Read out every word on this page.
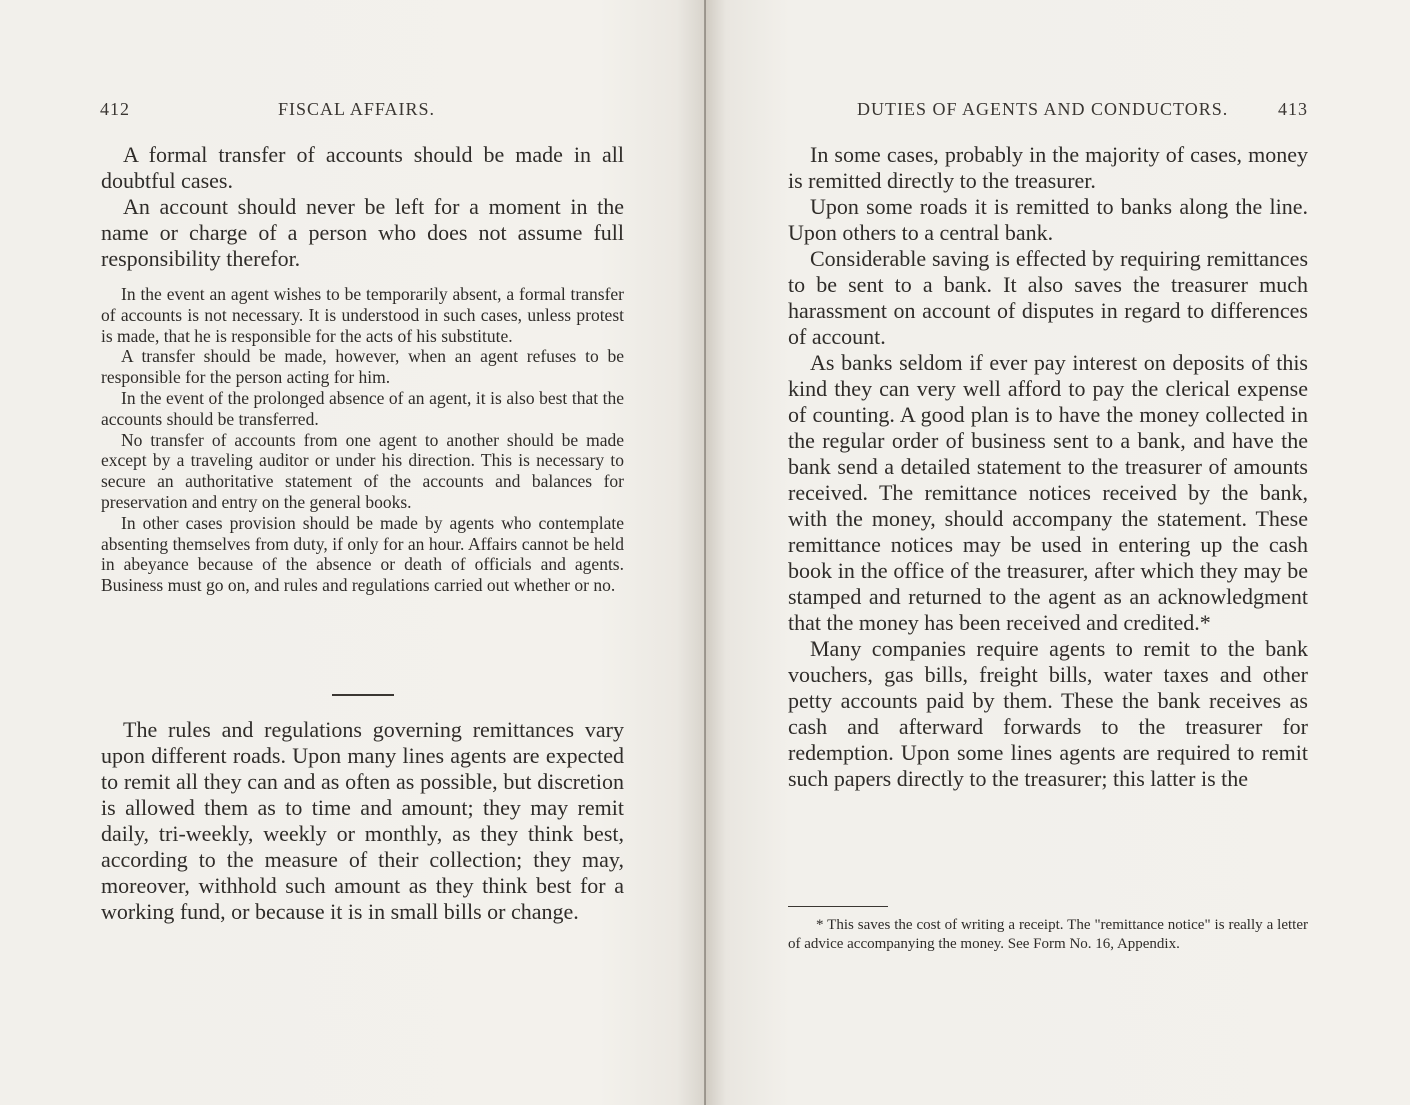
412	FISCAL AFFAIRS.

A formal transfer of accounts should be made in all doubtful cases.

An account should never be left for a moment in the name or charge of a person who does not assume full responsibility therefor.

In the event an agent wishes to be temporarily absent, a formal transfer of accounts is not necessary. It is understood in such cases, unless protest is made, that he is responsible for the acts of his substitute.

A transfer should be made, however, when an agent refuses to be responsible for the person acting for him.

In the event of the prolonged absence of an agent, it is also best that the accounts should be transferred.

No transfer of accounts from one agent to another should be made except by a traveling auditor or under his direction. This is necessary to secure an authoritative statement of the accounts and balances for preservation and entry on the general books.

In other cases provision should be made by agents who contemplate absenting themselves from duty, if only for an hour. Affairs cannot be held in abeyance because of the absence or death of officials and agents. Business must go on, and rules and regulations carried out whether or no.

The rules and regulations governing remittances vary upon different roads. Upon many lines agents are expected to remit all they can and as often as possible, but discretion is allowed them as to time and amount; they may remit daily, tri-weekly, weekly or monthly, as they think best, according to the measure of their collection; they may, moreover, withhold such amount as they think best for a working fund, or because it is in small bills or change.

DUTIES OF AGENTS AND CONDUCTORS.	413

In some cases, probably in the majority of cases, money is remitted directly to the treasurer.

Upon some roads it is remitted to banks along the line. Upon others to a central bank.

Considerable saving is effected by requiring remittances to be sent to a bank. It also saves the treasurer much harassment on account of disputes in regard to differences of account.

As banks seldom if ever pay interest on deposits of this kind they can very well afford to pay the clerical expense of counting. A good plan is to have the money collected in the regular order of business sent to a bank, and have the bank send a detailed statement to the treasurer of amounts received. The remittance notices received by the bank, with the money, should accompany the statement. These remittance notices may be used in entering up the cash book in the office of the treasurer, after which they may be stamped and returned to the agent as an acknowledgment that the money has been received and credited.*

Many companies require agents to remit to the bank vouchers, gas bills, freight bills, water taxes and other petty accounts paid by them. These the bank receives as cash and afterward forwards to the treasurer for redemption. Upon some lines agents are required to remit such papers directly to the treasurer; this latter is the

* This saves the cost of writing a receipt. The "remittance notice" is really a letter of advice accompanying the money. See Form No. 16, Appendix.
